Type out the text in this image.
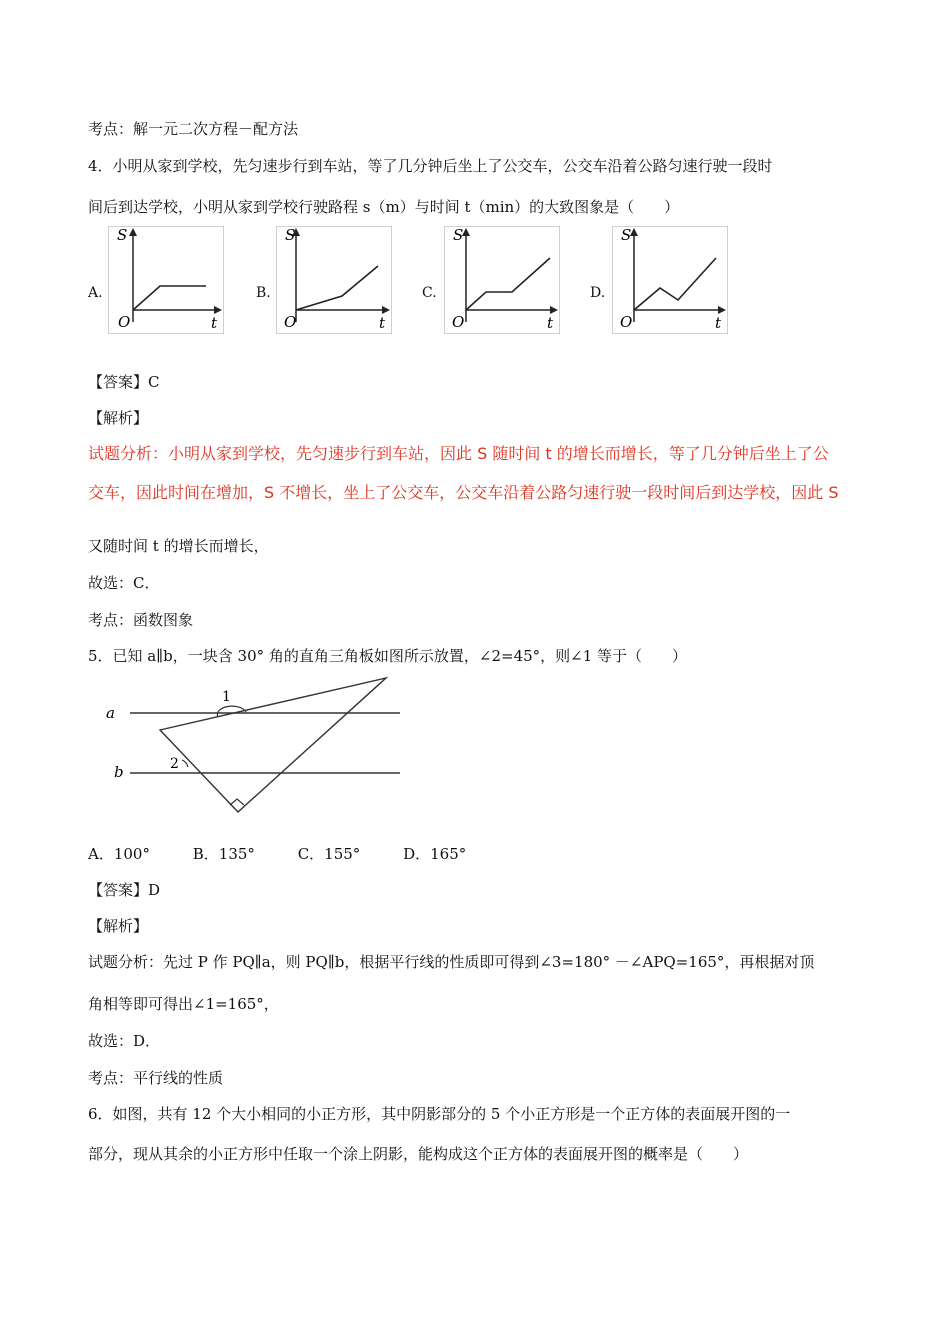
考点：解一元二次方程－配方法
4．小明从家到学校，先匀速步行到车站，等了几分钟后坐上了公交车，公交车沿着公路匀速行驶一段时
间后到达学校，小明从家到学校行驶路程 s（m）与时间 t（min）的大致图象是（　　）
A.	B.	C.	D.
S
O	t
S
O	t
S
O	t
S
O	t
【答案】C
【解析】
试题分析：小明从家到学校，先匀速步行到车站，因此 S 随时间 t 的增长而增长，等了几分钟后坐上了公
交车，因此时间在增加，S 不增长，坐上了公交车，公交车沿着公路匀速行驶一段时间后到达学校，因此 S
又随时间 t 的增长而增长，
故选：C．
考点：函数图象
5．已知 a∥b，一块含 30° 角的直角三角板如图所示放置，∠2=45°，则∠1 等于（　　）
a
b
1
2
A．100°	B．135°	C．155°	D．165°
【答案】D
【解析】
试题分析：先过 P 作 PQ∥a，则 PQ∥b，根据平行线的性质即可得到∠3=180° －∠APQ=165°，再根据对顶
角相等即可得出∠1=165°，
故选：D．
考点：平行线的性质
6．如图，共有 12 个大小相同的小正方形，其中阴影部分的 5 个小正方形是一个正方体的表面展开图的一
部分，现从其余的小正方形中任取一个涂上阴影，能构成这个正方体的表面展开图的概率是（　　）
